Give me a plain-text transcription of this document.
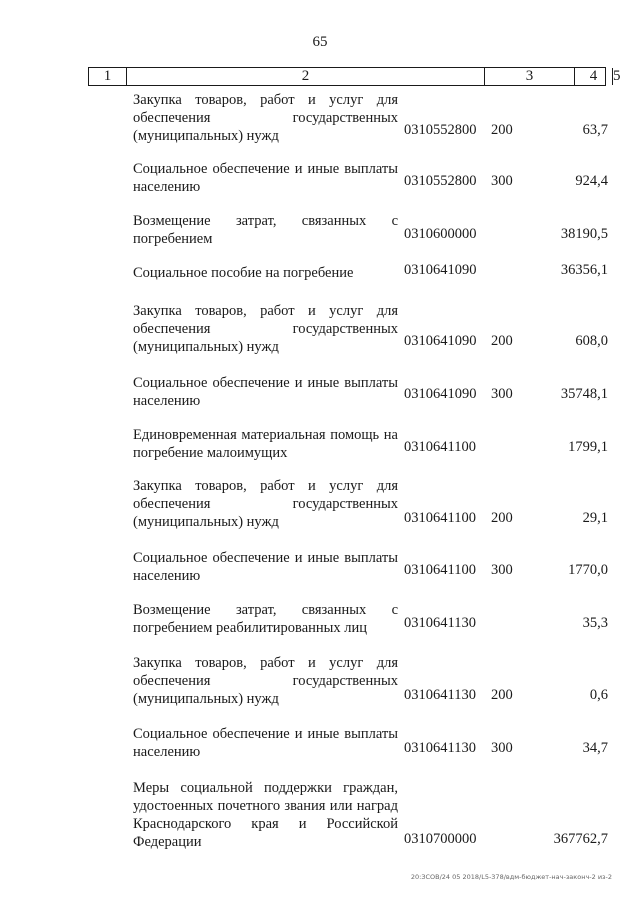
65
1	2	3	4	5
Закупка товаров, работ и услуг для обеспечения государственных (муниципальных) нужд	0310552800 200	63,7
Социальное обеспечение и иные выплаты населению	0310552800 300	924,4
Возмещение затрат, связанных с погребением	0310600000	38190,5
Социальное пособие на погребение	0310641090	36356,1
Закупка товаров, работ и услуг для обеспечения государственных (муниципальных) нужд	0310641090 200	608,0
Социальное обеспечение и иные выплаты населению	0310641090 300	35748,1
Единовременная материальная помощь на погребение малоимущих	0310641100	1799,1
Закупка товаров, работ и услуг для обеспечения государственных (муниципальных) нужд	0310641100 200	29,1
Социальное обеспечение и иные выплаты населению	0310641100 300	1770,0
Возмещение затрат, связанных с погребением реабилитированных лиц	0310641130	35,3
Закупка товаров, работ и услуг для обеспечения государственных (муниципальных) нужд	0310641130 200	0,6
Социальное обеспечение и иные выплаты населению	0310641130 300	34,7
Меры социальной поддержки граждан, удостоенных почетного звания или наград Краснодарского края и Российской Федерации	0310700000	367762,7
20:ЗСОВ/24 05 2018/L5-378/вдм-бюджет-нач-законч-2 из-2
